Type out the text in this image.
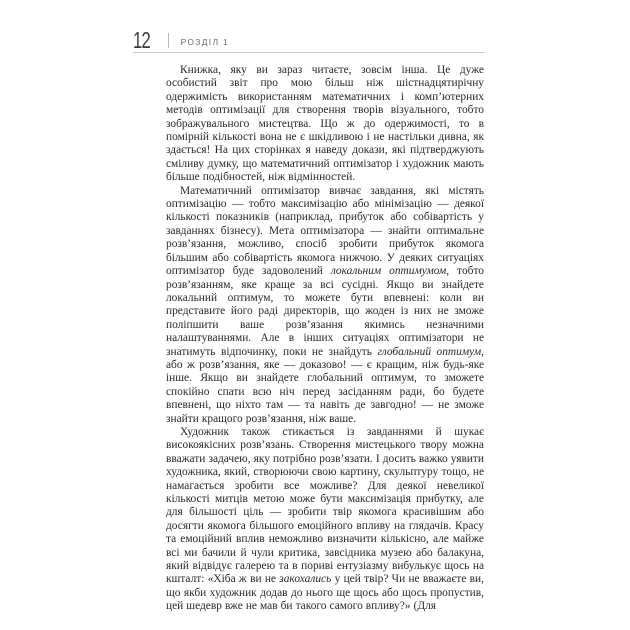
12	РОЗДІЛ 1

Книжка, яку ви зараз читаєте, зовсім інша. Це дуже особистий звіт про мою більш ніж шістнадцятирічну одержимість використанням математичних і комп’ютерних методів оптимізації для створення творів візуального, тобто зображувального мистецтва. Що ж до одержимості, то в помірній кількості вона не є шкідливою і не настільки дивна, як здається! На цих сторінках я наведу докази, які підтверджують сміливу думку, що математичний оптимізатор і художник мають більше подібностей, ніж відмінностей.

Математичний оптимізатор вивчає завдання, які містять оптимізацію — тобто максимізацію або мінімізацію — деякої кількості показників (наприклад, прибуток або собівартість у завданнях бізнесу). Мета оптимізатора — знайти оптимальне розв’язання, можливо, спосіб зробити прибуток якомога більшим або собівартість якомога нижчою. У деяких ситуаціях оптимізатор буде задоволений локальним оптимумом, тобто розв’язанням, яке краще за всі сусідні. Якщо ви знайдете локальний оптимум, то можете бути впевнені: коли ви представите його раді директорів, що жоден із них не зможе поліпшити ваше розв’язання якимись незначними налаштуваннями. Але в інших ситуаціях оптимізатори не знатимуть відпочинку, поки не знайдуть глобальний оптимум, або ж розв’язання, яке — доказово! — є кращим, ніж будь-яке інше. Якщо ви знайдете глобальний оптимум, то зможете спокійно спати всю ніч перед засіданням ради, бо будете впевнені, що ніхто там — та навіть де завгодно! — не зможе знайти кращого розв’язання, ніж ваше.

Художник також стикається із завданнями й шукає високоякісних розв’язань. Створення мистецького твору можна вважати задачею, яку потрібно розв’язати. І досить важко уявити художника, який, створюючи свою картину, скульптуру тощо, не намагається зробити все можливе? Для деякої невеликої кількості митців метою може бути максимізація прибутку, але для більшості ціль — зробити твір якомога красивішим або досягти якомога більшого емоційного впливу на глядачів. Красу та емоційний вплив неможливо визначити кількісно, але майже всі ми бачили й чули критика, завсідника музею або балакуна, який відвідує галерею та в пориві ентузіазму вибулькує щось на кшталт: «Хіба ж ви не закохались у цей твір? Чи не вважаєте ви, що якби художник додав до нього ще щось або щось пропустив, цей шедевр вже не мав би такого самого впливу?» (Для
